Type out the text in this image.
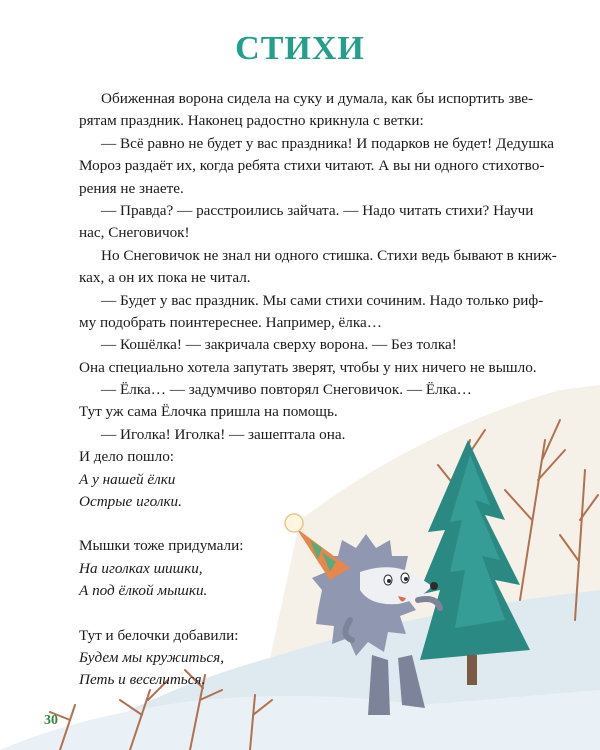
СТИХИ
Обиженная ворона сидела на суку и думала, как бы испортить зве-
рятам праздник. Наконец радостно крикнула с ветки:
— Всё равно не будет у вас праздника! И подарков не будет! Дедушка
Мороз раздаёт их, когда ребята стихи читают. А вы ни одного стихотво-
рения не знаете.
— Правда? — расстроились зайчата. — Надо читать стихи? Научи
нас, Снеговичок!
Но Снеговичок не знал ни одного стишка. Стихи ведь бывают в книж-
ках, а он их пока не читал.
— Будет у вас праздник. Мы сами стихи сочиним. Надо только риф-
му подобрать поинтереснее. Например, ёлка…
— Кошёлка! — закричала сверху ворона. — Без толка!
Она специально хотела запутать зверят, чтобы у них ничего не вышло.
— Ёлка… — задумчиво повторял Снеговичок. — Ёлка…
Тут уж сама Ёлочка пришла на помощь.
— Иголка! Иголка! — зашептала она.
И дело пошло:
А у нашей ёлки
Острые иголки.
Мышки тоже придумали:
На иголках шишки,
А под ёлкой мышки.
Тут и белочки добавили:
Будем мы кружиться,
Петь и веселиться.
30
